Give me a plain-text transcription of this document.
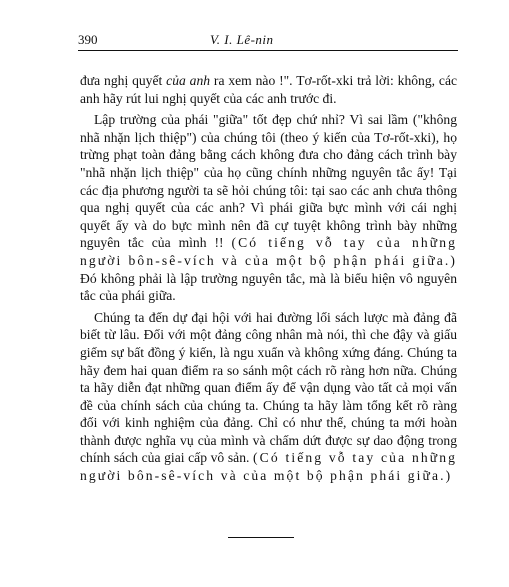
390	V. I. Lê-nin

đưa nghị quyết của anh ra xem nào !". Tơ-rốt-xki trả lời: không, các anh hãy rút lui nghị quyết của các anh trước đi.

Lập trường của phái "giữa" tốt đẹp chứ nhỉ? Vì sai lầm ("không nhã nhặn lịch thiệp") của chúng tôi (theo ý kiến của Tơ-rốt-xki), họ trừng phạt toàn đảng bằng cách không đưa cho đảng cách trình bày "nhã nhặn lịch thiệp" của họ cũng chính những nguyên tắc ấy! Tại các địa phương người ta sẽ hỏi chúng tôi: tại sao các anh chưa thông qua nghị quyết của các anh? Vì phái giữa bực mình với cái nghị quyết ấy và do bực mình nên đã cự tuyệt không trình bày những nguyên tắc của mình !! (Có tiếng vỗ tay của những người bôn-sê-vích và của một bộ phận phái giữa.) Đó không phải là lập trường nguyên tắc, mà là biểu hiện vô nguyên tắc của phái giữa.

Chúng ta đến dự đại hội với hai đường lối sách lược mà đảng đã biết từ lâu. Đối với một đảng công nhân mà nói, thì che đậy và giấu giếm sự bất đồng ý kiến, là ngu xuẩn và không xứng đáng. Chúng ta hãy đem hai quan điểm ra so sánh một cách rõ ràng hơn nữa. Chúng ta hãy diễn đạt những quan điểm ấy để vận dụng vào tất cả mọi vấn đề của chính sách của chúng ta. Chúng ta hãy làm tổng kết rõ ràng đối với kinh nghiệm của đảng. Chỉ có như thế, chúng ta mới hoàn thành được nghĩa vụ của mình và chấm dứt được sự dao động trong chính sách của giai cấp vô sản. (Có tiếng vỗ tay của những người bôn-sê-vích và của một bộ phận phái giữa.)
